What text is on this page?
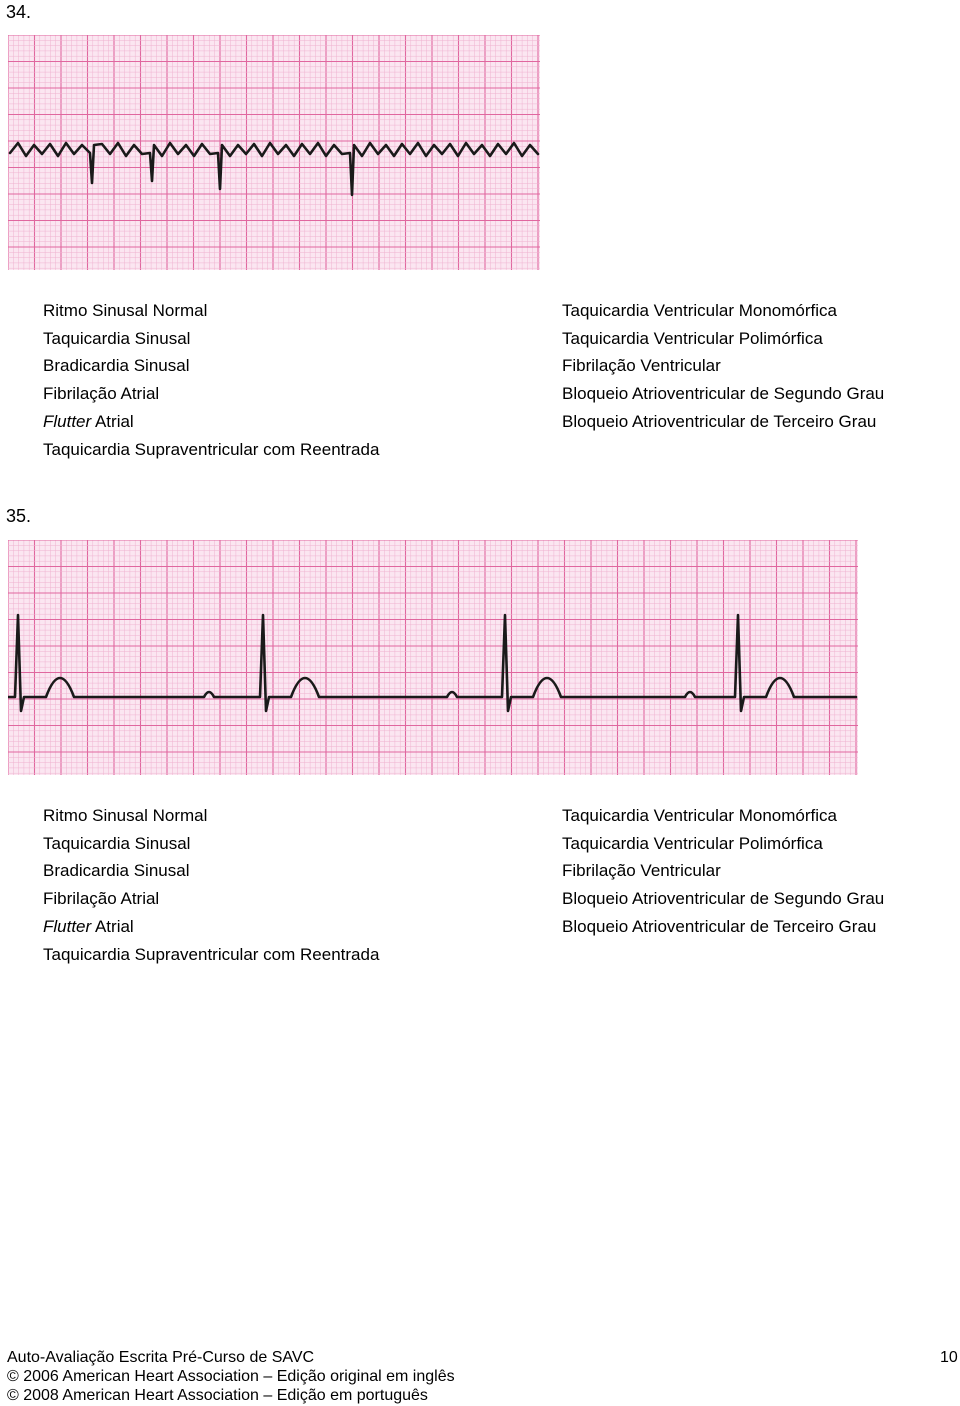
34.
Ritmo Sinusal Normal
Taquicardia Sinusal
Bradicardia Sinusal
Fibrilação Atrial
Flutter Atrial
Taquicardia Supraventricular com Reentrada
Taquicardia Ventricular Monomórfica
Taquicardia Ventricular Polimórfica
Fibrilação Ventricular
Bloqueio Atrioventricular de Segundo Grau
Bloqueio Atrioventricular de Terceiro Grau
35.
Ritmo Sinusal Normal
Taquicardia Sinusal
Bradicardia Sinusal
Fibrilação Atrial
Flutter Atrial
Taquicardia Supraventricular com Reentrada
Taquicardia Ventricular Monomórfica
Taquicardia Ventricular Polimórfica
Fibrilação Ventricular
Bloqueio Atrioventricular de Segundo Grau
Bloqueio Atrioventricular de Terceiro Grau
Auto-Avaliação Escrita Pré-Curso de SAVC	10
© 2006 American Heart Association – Edição original em inglês
© 2008 American Heart Association – Edição em português
